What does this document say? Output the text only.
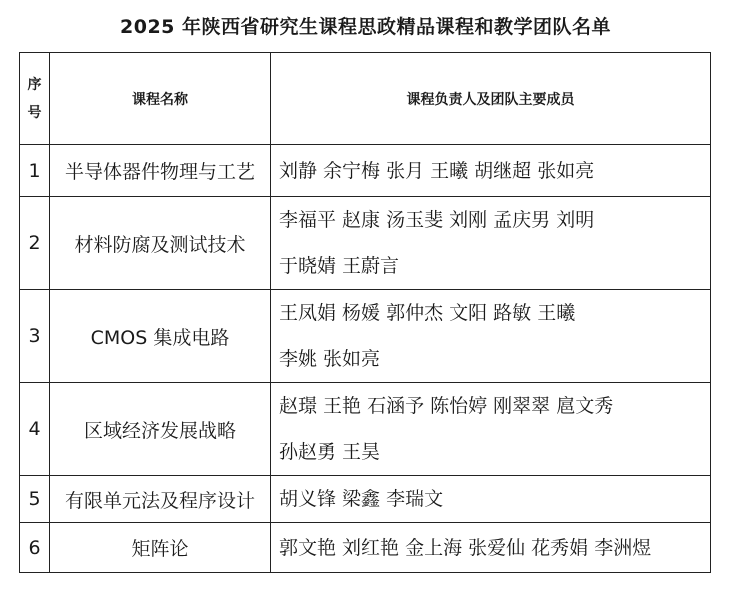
2025 年陕西省研究生课程思政精品课程和教学团队名单
序
号	课程名称	课程负责人及团队主要成员
1	半导体器件物理与工艺	刘静 余宁梅 张月 王曦 胡继超 张如亮

2	材料防腐及测试技术	李福平 赵康 汤玉斐 刘刚 孟庆男 刘明
于晓婧 王蔚言

3	CMOS 集成电路	王凤娟 杨媛 郭仲杰 文阳 路敏 王曦
李姚 张如亮

4	区域经济发展战略	赵璟 王艳 石涵予 陈怡婷 刚翠翠 扈文秀
孙赵勇 王昊

5	有限单元法及程序设计	胡义锋 梁鑫 李瑞文

6	矩阵论	郭文艳 刘红艳 金上海 张爱仙 花秀娟 李洲煜
